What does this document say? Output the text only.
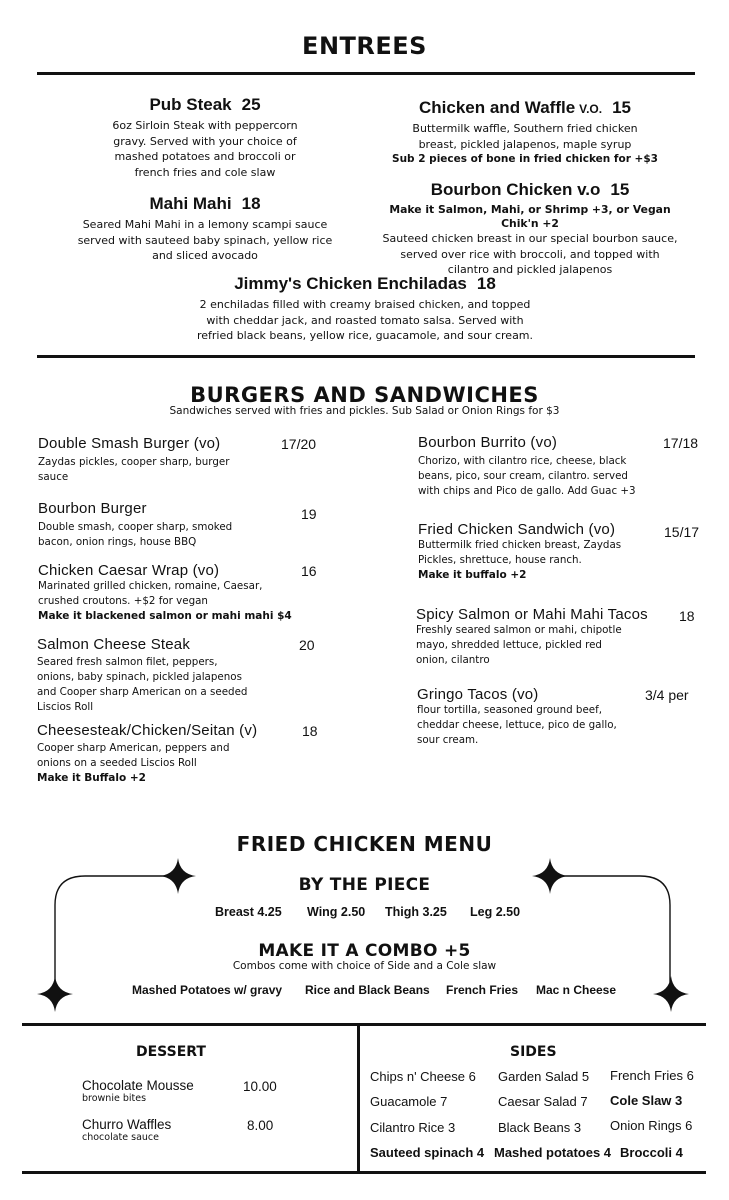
ENTREES
Pub Steak 25
6oz Sirloin Steak with peppercorn
gravy. Served with your choice of
mashed potatoes and broccoli or
french fries and cole slaw
Mahi Mahi 18
Seared Mahi Mahi in a lemony scampi sauce
served with sauteed baby spinach, yellow rice
and sliced avocado
Chicken and Waffle V.O. 15
Buttermilk waffle, Southern fried chicken
breast, pickled jalapenos, maple syrup
Sub 2 pieces of bone in fried chicken for +$3
Bourbon Chicken v.o 15
Make it Salmon, Mahi, or Shrimp +3, or Vegan Chik'n +2
Sauteed chicken breast in our special bourbon sauce,
served over rice with broccoli, and topped with
cilantro and pickled jalapenos
Jimmy's Chicken Enchiladas 18
2 enchiladas filled with creamy braised chicken, and topped
with cheddar jack, and roasted tomato salsa. Served with
refried black beans, yellow rice, guacamole, and sour cream.
BURGERS AND SANDWICHES
Sandwiches served with fries and pickles. Sub Salad or Onion Rings for $3
Double Smash Burger (vo)
Zaydas pickles, cooper sharp, burger
sauce
17/20
Bourbon Burger
Double smash, cooper sharp, smoked
bacon, onion rings, house BBQ
19
Chicken Caesar Wrap (vo)
Marinated grilled chicken, romaine, Caesar,
crushed croutons. +$2 for vegan
Make it blackened salmon or mahi mahi $4
16
Salmon Cheese Steak
Seared fresh salmon filet, peppers,
onions, baby spinach, pickled jalapenos
and Cooper sharp American on a seeded
Liscios Roll
20
Cheesesteak/Chicken/Seitan (v)
Cooper sharp American, peppers and
onions on a seeded Liscios Roll
Make it Buffalo +2
18
Bourbon Burrito (vo)
Chorizo, with cilantro rice, cheese, black
beans, pico, sour cream, cilantro. served
with chips and Pico de gallo. Add Guac +3
17/18
Fried Chicken Sandwich (vo)
Buttermilk fried chicken breast, Zaydas
Pickles, shrettuce, house ranch.
Make it buffalo +2
15/17
Spicy Salmon or Mahi Mahi Tacos
Freshly seared salmon or mahi, chipotle
mayo, shredded lettuce, pickled red
onion, cilantro
18
Gringo Tacos (vo)
flour tortilla, seasoned ground beef,
cheddar cheese, lettuce, pico de gallo,
sour cream.
3/4 per
FRIED CHICKEN MENU
BY THE PIECE
Breast 4.25 Wing 2.50 Thigh 3.25 Leg 2.50
MAKE IT A COMBO +5
Combos come with choice of Side and a Cole slaw
Mashed Potatoes w/ gravy Rice and Black Beans French Fries Mac n Cheese
DESSERT
Chocolate Mousse
brownie bites
10.00
Churro Waffles
chocolate sauce
8.00
SIDES
Chips n' Cheese 6 Garden Salad 5 French Fries 6
Guacamole 7	Caesar Salad 7 Cole Slaw 3
Cilantro Rice 3	Black Beans 3 Onion Rings 6
Sauteed spinach 4 Mashed potatoes 4 Broccoli 4
